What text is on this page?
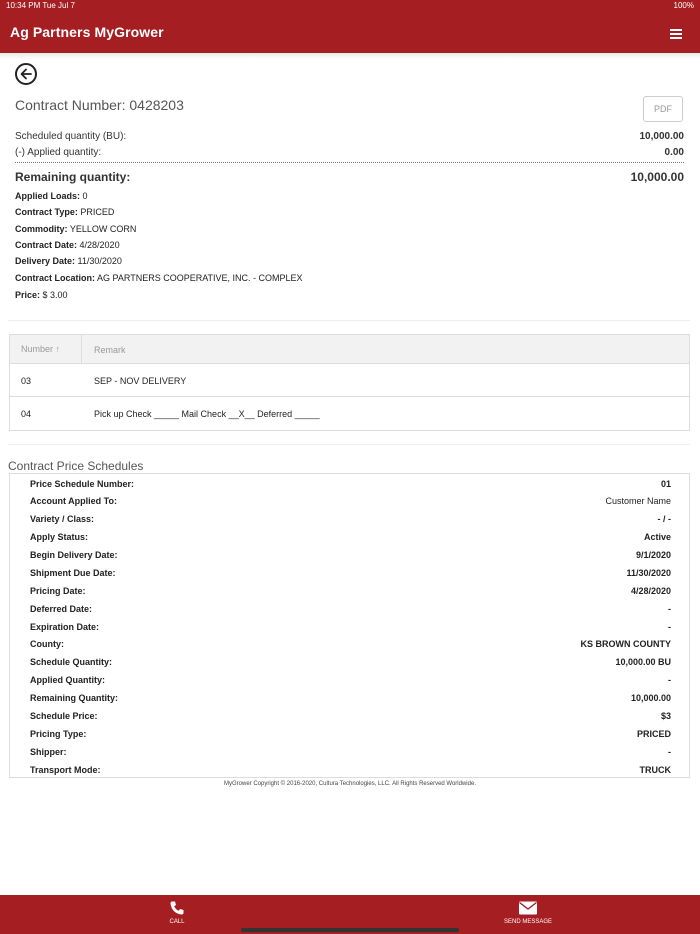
10:34 PM Tue Jul 7	100%
Ag Partners MyGrower
Contract Number: 0428203	PDF
Scheduled quantity (BU):	10,000.00
(-) Applied quantity:	0.00
Remaining quantity:	10,000.00
Applied Loads: 0
Contract Type: PRICED
Commodity: YELLOW CORN
Contract Date: 4/28/2020
Delivery Date: 11/30/2020
Contract Location: AG PARTNERS COOPERATIVE, INC. - COMPLEX
Price: $ 3.00
Number ↑	Remark
03	SEP - NOV DELIVERY
04	Pick up Check _____ Mail Check __X__ Deferred _____
Contract Price Schedules
Price Schedule Number:	01
Account Applied To:	Customer Name
Variety / Class:	- / -
Apply Status:	Active
Begin Delivery Date:	9/1/2020
Shipment Due Date:	11/30/2020
Pricing Date:	4/28/2020
Deferred Date:	-
Expiration Date:	-
County:	KS BROWN COUNTY
Schedule Quantity:	10,000.00 BU
Applied Quantity:	-
Remaining Quantity:	10,000.00
Schedule Price:	$3
Pricing Type:	PRICED
Shipper:	-
Transport Mode:	TRUCK
MyGrower Copyright © 2016-2020, Cultura Technologies, LLC. All Rights Reserved Worldwide.
CALL	SEND MESSAGE
